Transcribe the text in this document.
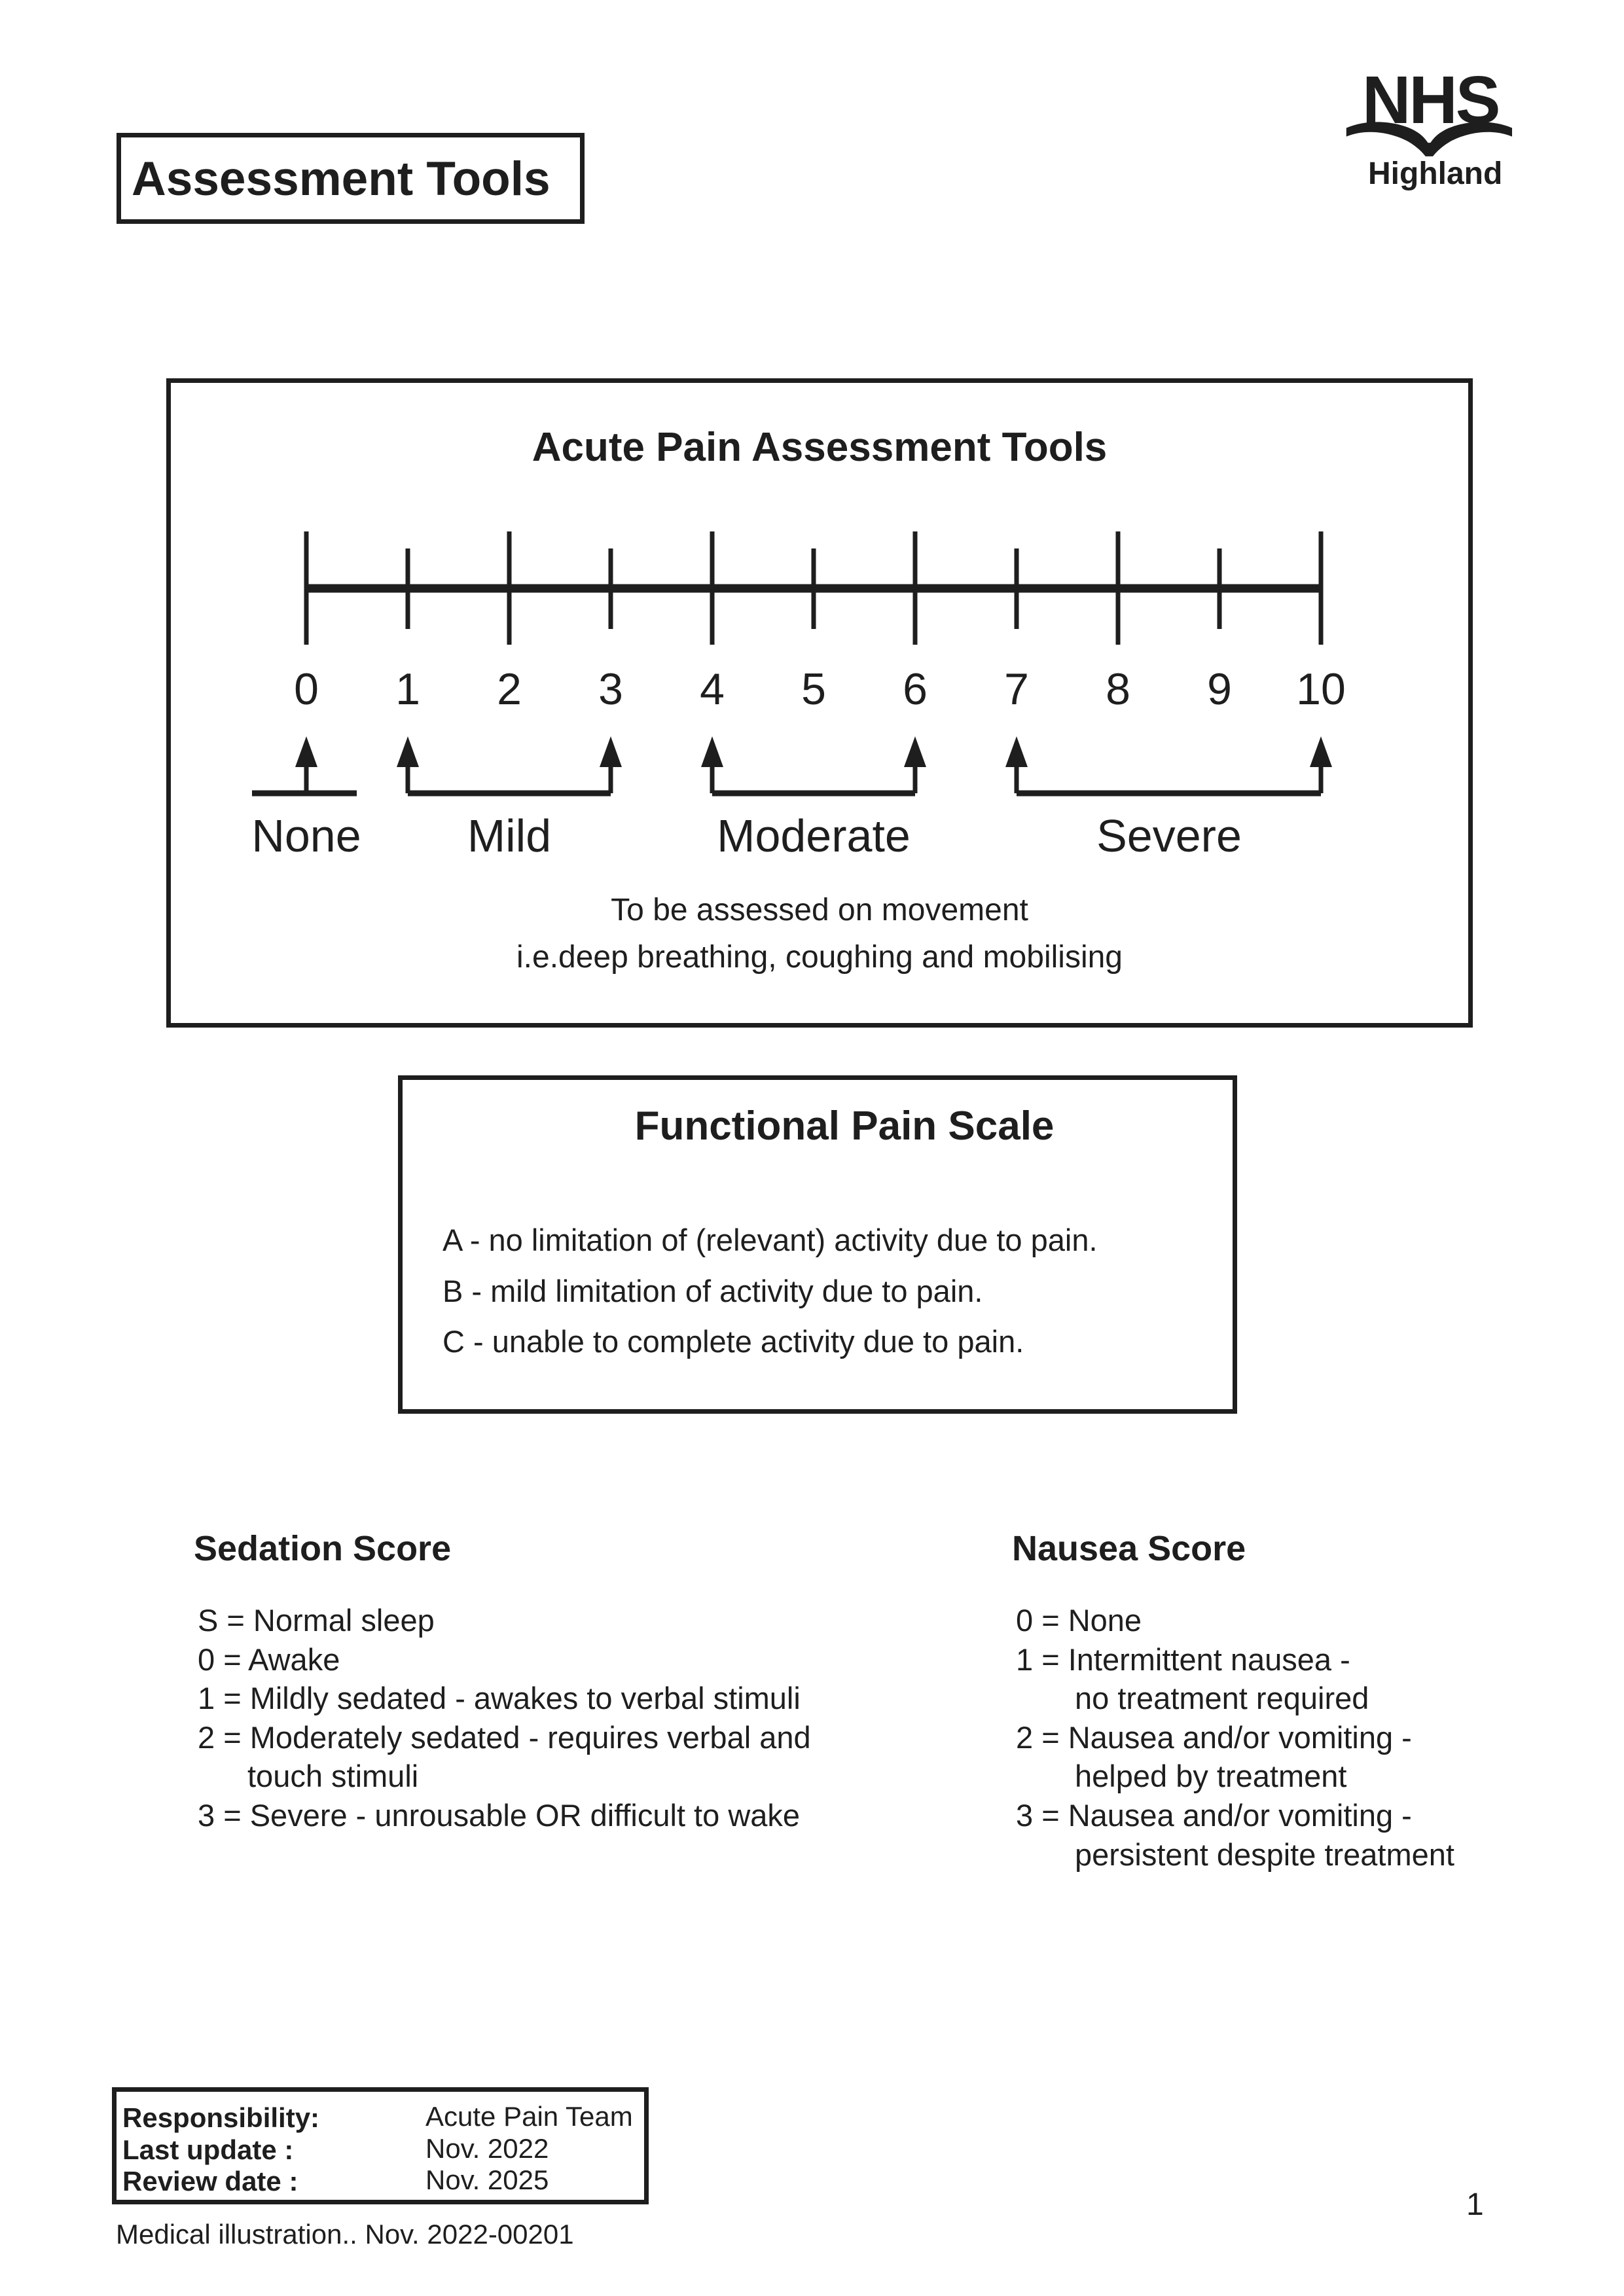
Assessment Tools
NHS
Highland
Acute Pain Assessment Tools
0 1 2 3 4 5 6 7 8 9 10
None Mild	Moderate	Severe
To be assessed on movement
i.e.deep breathing, coughing and mobilising
Functional Pain Scale
A - no limitation of (relevant) activity due to pain.
B - mild limitation of activity due to pain.
C - unable to complete activity due to pain.
Sedation Score
S = Normal sleep
0 = Awake
1 = Mildly sedated - awakes to verbal stimuli
2 = Moderately sedated - requires verbal and
touch stimuli
3 = Severe - unrousable OR difficult to wake
Nausea Score
0 = None
1 = Intermittent nausea -
no treatment required
2 = Nausea and/or vomiting -
helped by treatment
3 = Nausea and/or vomiting -
persistent despite treatment
Responsibility:	Acute Pain Team
Last update :	Nov. 2022
Review date :	Nov. 2025
Medical illustration.. Nov. 2022-00201
1
